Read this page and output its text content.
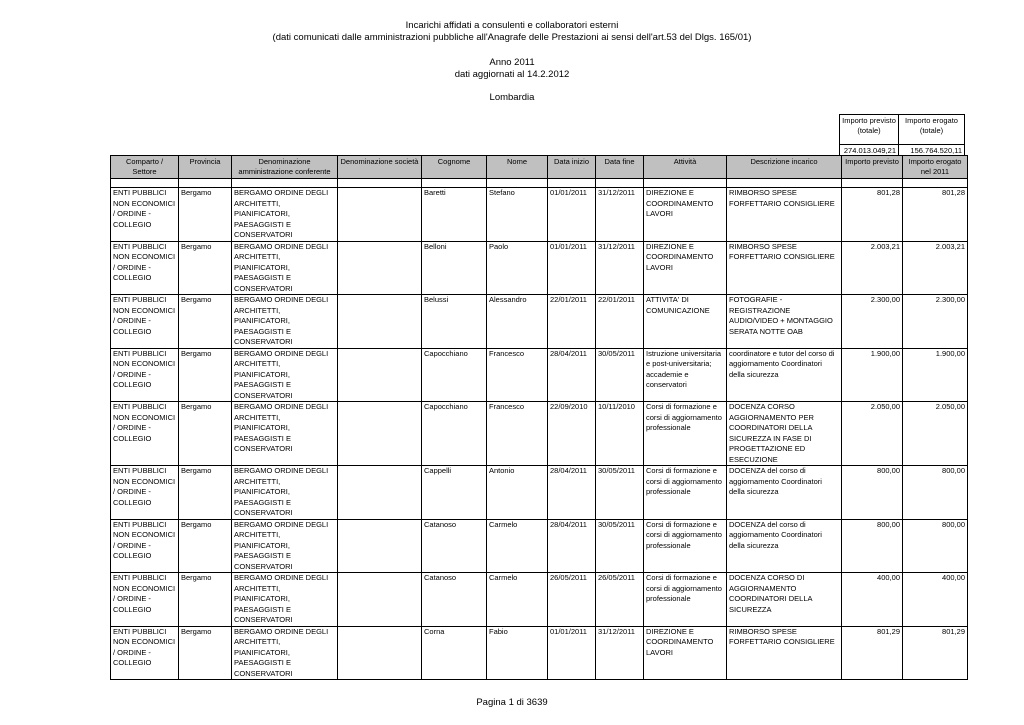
Incarichi affidati a consulenti e collaboratori esterni
(dati comunicati dalle amministrazioni pubbliche all'Anagrafe delle Prestazioni ai sensi dell'art.53 del Dlgs. 165/01)
Anno 2011
dati aggiornati al 14.2.2012
Lombardia
Importo previsto (totale)	Importo erogato (totale)
274.013.049,21	156.764.520,11
Comparto / Settore	Provincia	Denominazione amministrazione conferente	Denominazione società	Cognome	Nome	Data inizio	Data fine	Attività	Descrizione incarico	Importo previsto	Importo erogato nel 2011

ENTI PUBBLICI NON ECONOMICI / ORDINE - COLLEGIO	Bergamo	BERGAMO ORDINE DEGLI ARCHITETTI, PIANIFICATORI, PAESAGGISTI E CONSERVATORI		Baretti	Stefano	01/01/2011	31/12/2011	DIREZIONE E COORDINAMENTO LAVORI	RIMBORSO SPESE FORFETTARIO CONSIGLIERE	801,28	801,28
ENTI PUBBLICI NON ECONOMICI / ORDINE - COLLEGIO	Bergamo	BERGAMO ORDINE DEGLI ARCHITETTI, PIANIFICATORI, PAESAGGISTI E CONSERVATORI		Belloni	Paolo	01/01/2011	31/12/2011	DIREZIONE E COORDINAMENTO LAVORI	RIMBORSO SPESE FORFETTARIO CONSIGLIERE	2.003,21	2.003,21
ENTI PUBBLICI NON ECONOMICI / ORDINE - COLLEGIO	Bergamo	BERGAMO ORDINE DEGLI ARCHITETTI, PIANIFICATORI, PAESAGGISTI E CONSERVATORI		Belussi	Alessandro	22/01/2011	22/01/2011	ATTIVITA' DI COMUNICAZIONE	FOTOGRAFIE - REGISTRAZIONE AUDIO/VIDEO + MONTAGGIO SERATA NOTTE OAB	2.300,00	2.300,00
ENTI PUBBLICI NON ECONOMICI / ORDINE - COLLEGIO	Bergamo	BERGAMO ORDINE DEGLI ARCHITETTI, PIANIFICATORI, PAESAGGISTI E CONSERVATORI		Capocchiano	Francesco	28/04/2011	30/05/2011	Istruzione universitaria e post-universitaria; accademie e conservatori	coordinatore e tutor del corso di aggiornamento Coordinatori della sicurezza	1.900,00	1.900,00
ENTI PUBBLICI NON ECONOMICI / ORDINE - COLLEGIO	Bergamo	BERGAMO ORDINE DEGLI ARCHITETTI, PIANIFICATORI, PAESAGGISTI E CONSERVATORI		Capocchiano	Francesco	22/09/2010	10/11/2010	Corsi di formazione e corsi di aggiornamento professionale	DOCENZA CORSO AGGIORNAMENTO PER COORDINATORI DELLA SICUREZZA IN FASE DI PROGETTAZIONE ED ESECUZIONE	2.050,00	2.050,00
ENTI PUBBLICI NON ECONOMICI / ORDINE - COLLEGIO	Bergamo	BERGAMO ORDINE DEGLI ARCHITETTI, PIANIFICATORI, PAESAGGISTI E CONSERVATORI		Cappelli	Antonio	28/04/2011	30/05/2011	Corsi di formazione e corsi di aggiornamento professionale	DOCENZA del corso di aggiornamento Coordinatori della sicurezza	800,00	800,00
ENTI PUBBLICI NON ECONOMICI / ORDINE - COLLEGIO	Bergamo	BERGAMO ORDINE DEGLI ARCHITETTI, PIANIFICATORI, PAESAGGISTI E CONSERVATORI		Catanoso	Carmelo	28/04/2011	30/05/2011	Corsi di formazione e corsi di aggiornamento professionale	DOCENZA del corso di aggiornamento Coordinatori della sicurezza	800,00	800,00
ENTI PUBBLICI NON ECONOMICI / ORDINE - COLLEGIO	Bergamo	BERGAMO ORDINE DEGLI ARCHITETTI, PIANIFICATORI, PAESAGGISTI E CONSERVATORI		Catanoso	Carmelo	26/05/2011	26/05/2011	Corsi di formazione e corsi di aggiornamento professionale	DOCENZA CORSO DI AGGIORNAMENTO COORDINATORI DELLA SICUREZZA	400,00	400,00
ENTI PUBBLICI NON ECONOMICI / ORDINE - COLLEGIO	Bergamo	BERGAMO ORDINE DEGLI ARCHITETTI, PIANIFICATORI, PAESAGGISTI E CONSERVATORI		Corna	Fabio	01/01/2011	31/12/2011	DIREZIONE E COORDINAMENTO LAVORI	RIMBORSO SPESE FORFETTARIO CONSIGLIERE	801,29	801,29
Pagina 1 di 3639
